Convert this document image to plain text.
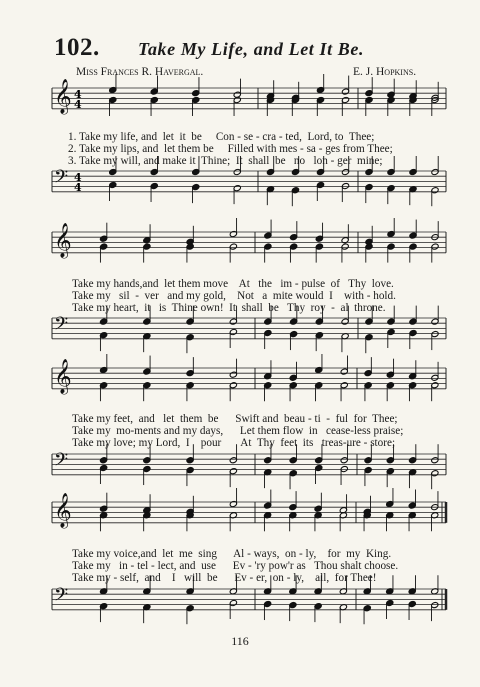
102. Take My Life, and Let It Be.
Miss Frances R. Havergal.	E. J. Hopkins.
𝄞
𝄢
4
4
4
4
𝄞
𝄢
𝄞
𝄢
𝄞
𝄢
1. Take my life, and  let  it  be     Con - se - cra - ted,  Lord, to  Thee;
2. Take my lips, and  let them be     Filled with mes - sa - ges from Thee;
3. Take my will, and make it  Thine;  It  shall  be   no   lon - ger  mine;
Take my hands,and  let them move    At   the   im - pulse  of   Thy  love.
Take my   sil  -  ver   and my gold,    Not   a  mite would  I    with - hold.
Take my heart,  it   is  Thine own!  It  shall  be   Thy  roy  -  al  throne.
Take my feet,  and   let  them  be      Swift and  beau - ti  -  ful  for  Thee;
Take my  mo-ments and my days,      Let them flow  in   cease-less praise;
Take my love; my Lord,  I    pour       At  Thy  feet  its   treas-ure - store;
Take my voice,and  let  me  sing      Al - ways,  on - ly,    for  my  King.
Take my   in - tel - lect, and  use      Ev - 'ry pow'r as   Thou shalt choose.
Take my - self,  and    I   will  be      Ev - er,  on - ly,    all,  for Thee!
116
